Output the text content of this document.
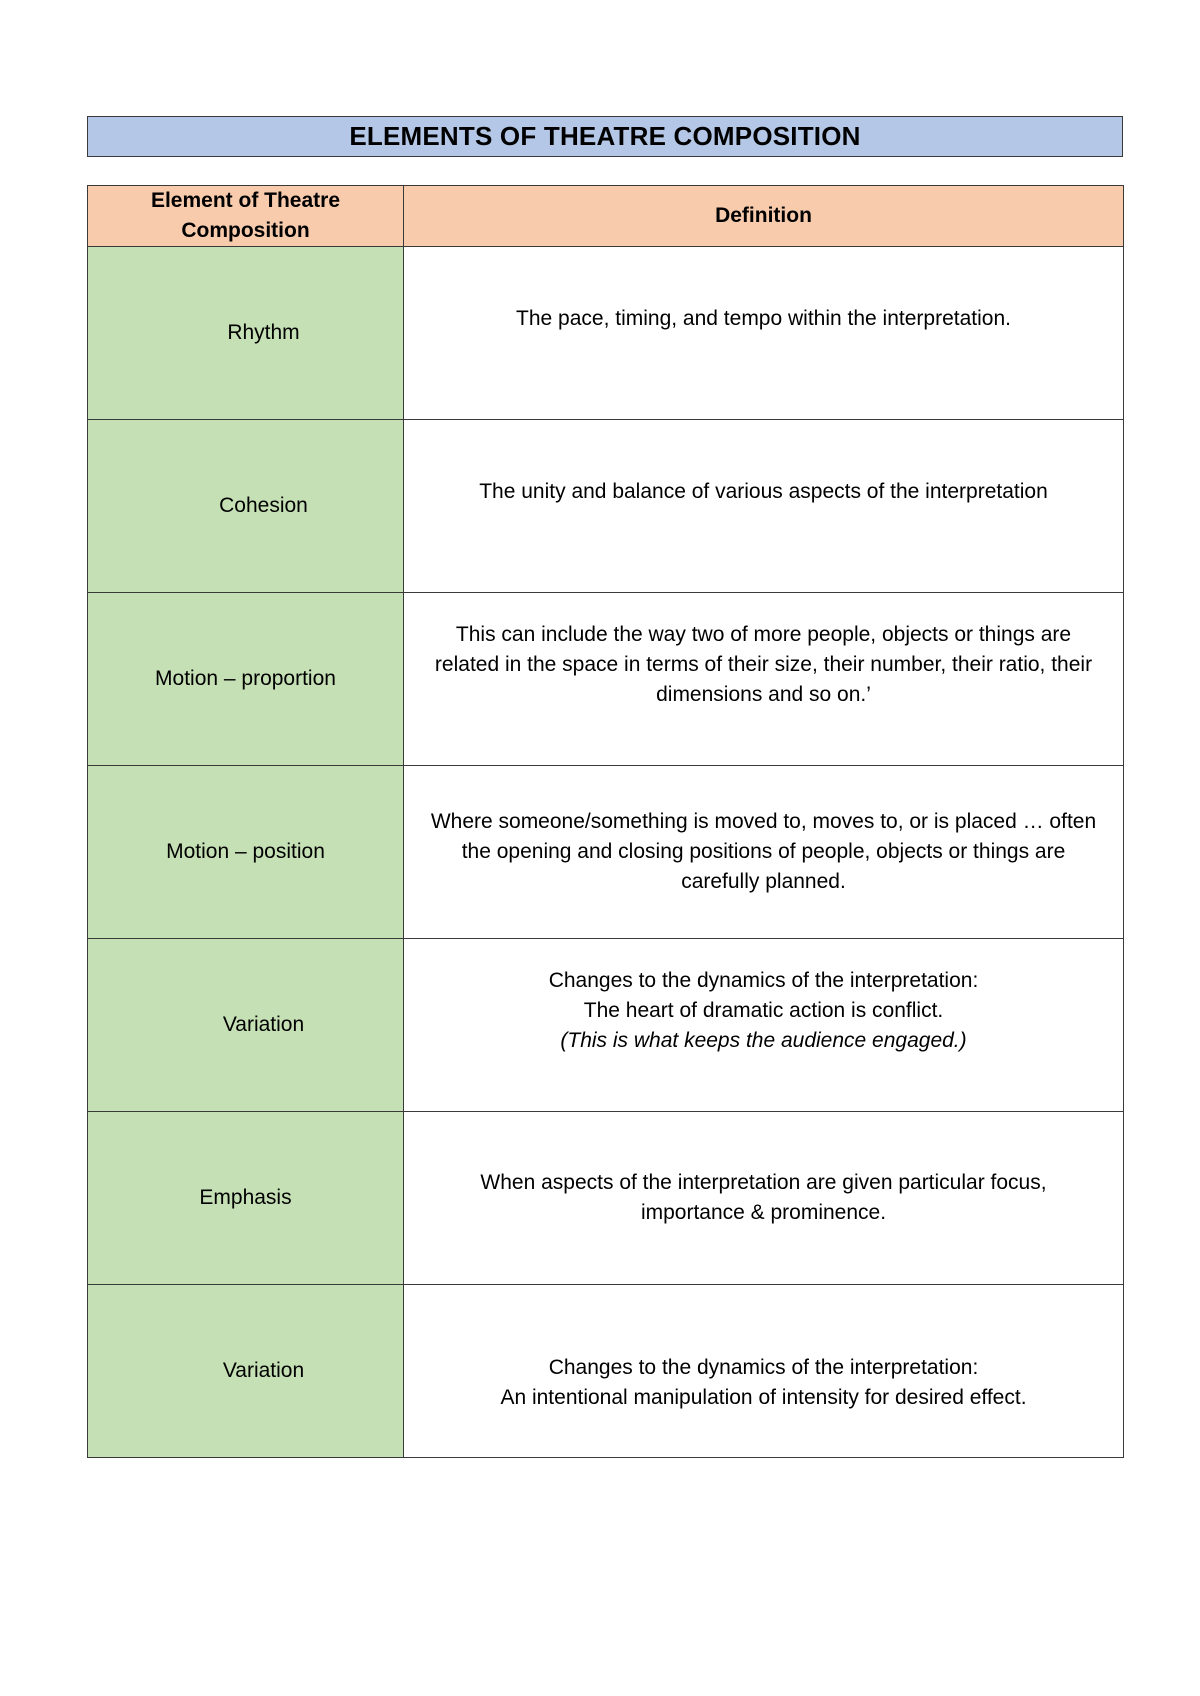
ELEMENTS OF THEATRE COMPOSITION
Element of Theatre Composition	Definition
Rhythm	The pace, timing, and tempo within the interpretation.

Cohesion	The unity and balance of various aspects of the interpretation

Motion – proportion	This can include the way two of more people, objects or things are related in the space in terms of their size, their number, their ratio, their dimensions and so on.’

Motion – position	Where someone/something is moved to, moves to, or is placed … often the opening and closing positions of people, objects or things are carefully planned.

Variation	Changes to the dynamics of the interpretation:
The heart of dramatic action is conflict.
(This is what keeps the audience engaged.)

Emphasis	When aspects of the interpretation are given particular focus, importance & prominence.

Variation	Changes to the dynamics of the interpretation:
An intentional manipulation of intensity for desired effect.
